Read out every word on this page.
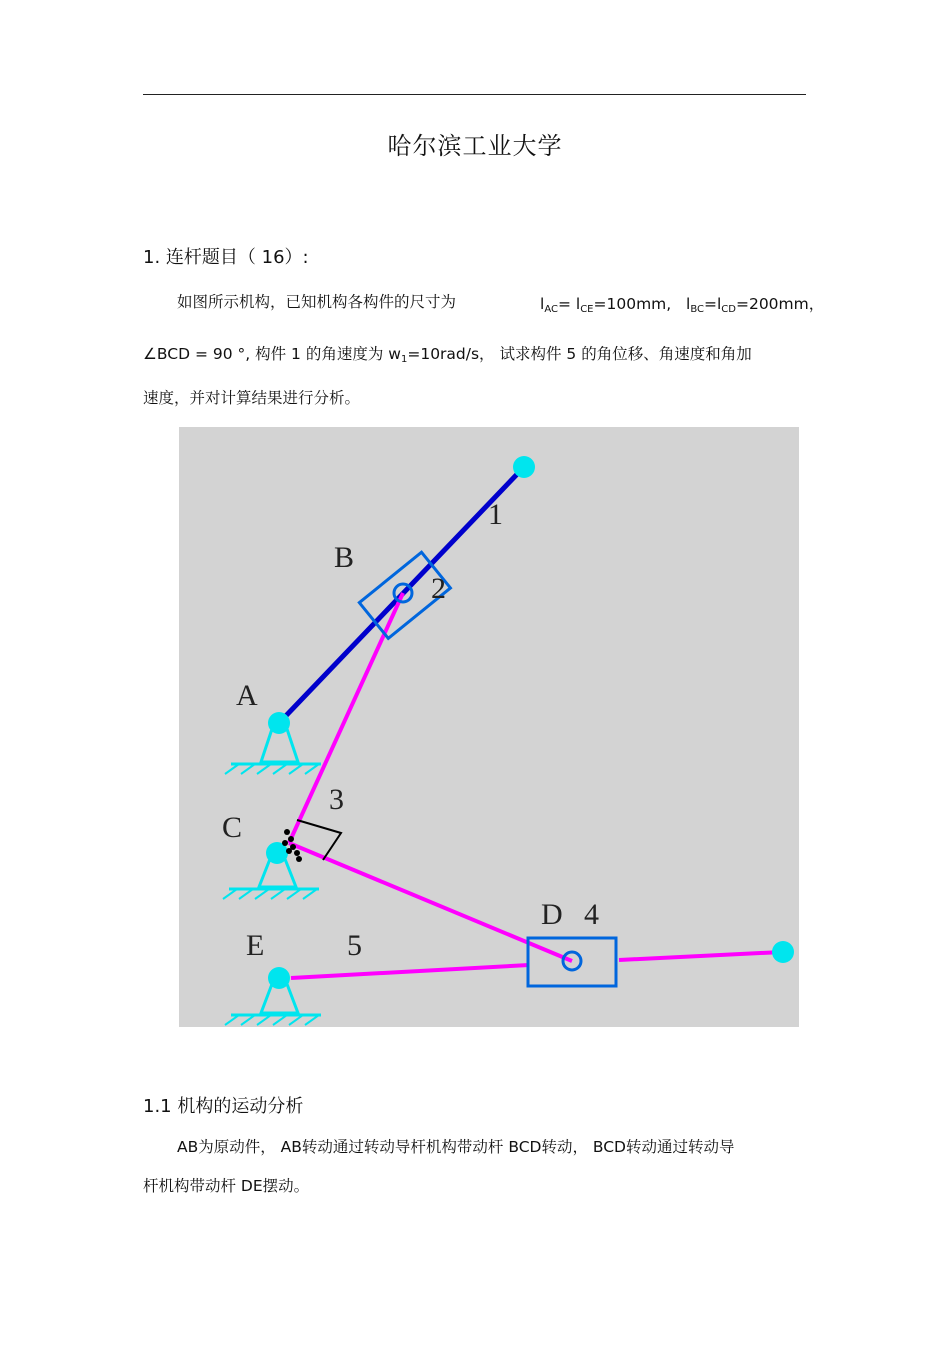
哈尔滨工业大学
1. 连杆题目（ 16）:
如图所示机构，已知机构各构件的尺寸为	$l_{AC}= l_{CE}=100mm$, $l_{BC}=l_{CD}=200mm$，
∠BCD = 90 °, 构件 1 的角速度为 $w_1=10rad/s$， 试求构件 5 的角位移、角速度和角加
速度，并对计算结果进行分析。
B
A
C
D
E
1
2
3
4
5
1.1 机构的运动分析
AB为原动件， AB转动通过转动导杆机构带动杆 BCD转动， BCD转动通过转动导
杆机构带动杆 DE摆动。
